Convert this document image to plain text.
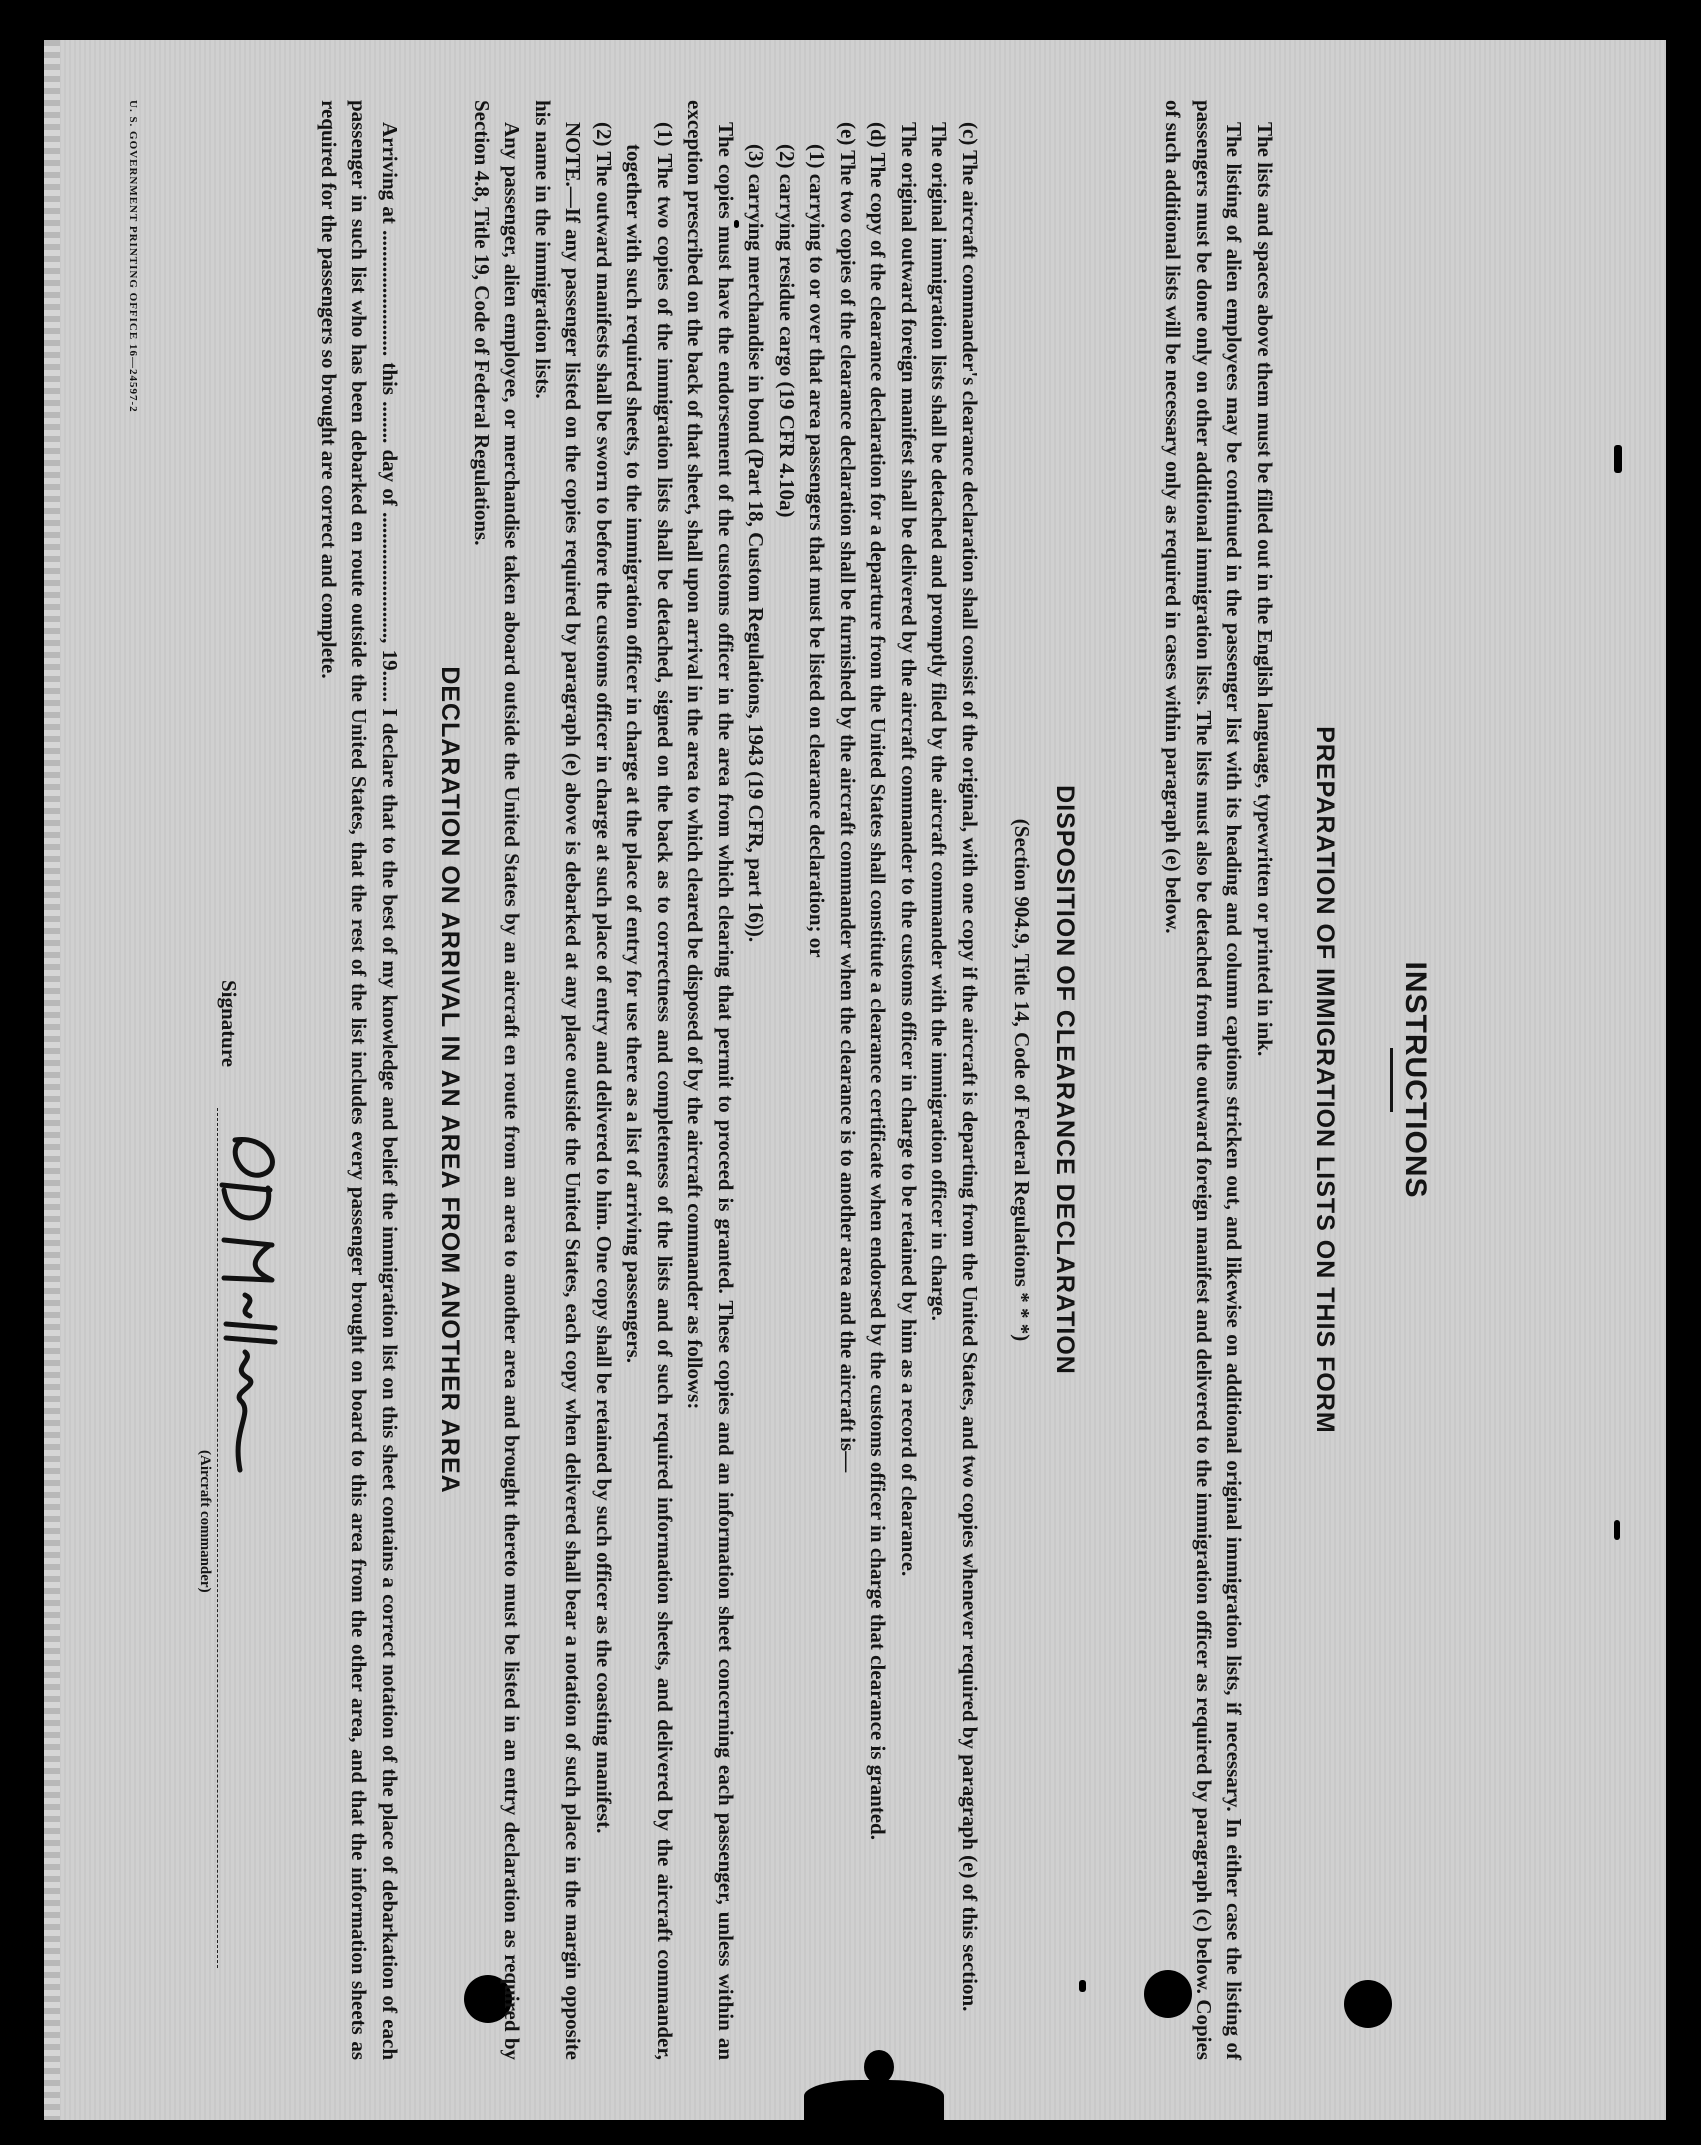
INSTRUCTIONS
PREPARATION OF IMMIGRATION LISTS ON THIS FORM

The lists and spaces above them must be filled out in the English language, typewritten or printed in ink.

The listing of alien employees may be continued in the passenger list with its heading and column captions stricken out, and likewise on additional original immigration lists, if necessary. In either case the listing of passengers must be done only on other additional immigration lists. The lists must also be detached from the outward foreign manifest and delivered to the immigration officer as required by paragraph (c) below. Copies of such additional lists will be necessary only as required in cases within paragraph (e) below.

DISPOSITION OF CLEARANCE DECLARATION

(Section 904.9, Title 14, Code of Federal Regulations * * *)

(c) The aircraft commander's clearance declaration shall consist of the original, with one copy if the aircraft is departing from the United States, and two copies whenever required by paragraph (e) of this section.

The original immigration lists shall be detached and promptly filed by the aircraft commander with the immigration officer in charge.

The original outward foreign manifest shall be delivered by the aircraft commander to the customs officer in charge to be retained by him as a record of clearance.

(d) The copy of the clearance declaration for a departure from the United States shall constitute a clearance certificate when endorsed by the customs officer in charge that clearance is granted.

(e) The two copies of the clearance declaration shall be furnished by the aircraft commander when the clearance is to another area and the aircraft is—

(1) carrying to or over that area passengers that must be listed on clearance declaration; or

(2) carrying residue cargo (19 CFR 4.10a)

(3) carrying merchandise in bond (Part 18, Custom Regulations, 1943 (19 CFR, part 16)).

The copies must have the endorsement of the customs officer in the area from which clearing that permit to proceed is granted. These copies and an information sheet concerning each passenger, unless within an exception prescribed on the back of that sheet, shall upon arrival in the area to which cleared be disposed of by the aircraft commander as follows:

(1) The two copies of the immigration lists shall be detached, signed on the back as to correctness and completeness of the lists and of such required information sheets, and delivered by the aircraft commander, together with such required sheets, to the immigration officer in charge at the place of entry for use there as a list of arriving passengers.

(2) The outward manifests shall be sworn to before the customs officer in charge at such place of entry and delivered to him. One copy shall be retained by such officer as the coasting manifest.

NOTE.—If any passenger listed on the copies required by paragraph (e) above is debarked at any place outside the United States, each copy when delivered shall bear a notation of such place in the margin opposite his name in the immigration lists.

Any passenger, alien employee, or merchandise taken aboard outside the United States by an aircraft en route from an area to another area and brought thereto must be listed in an entry declaration as required by Section 4.8, Title 19, Code of Federal Regulations.

DECLARATION ON ARRIVAL IN AN AREA FROM ANOTHER AREA

Arriving at ........................ this ........ day of ........................, 19...... I declare that to the best of my knowledge and belief the immigration list on this sheet contains a correct notation of the place of debarkation of each passenger in such list who has been debarked en route outside the United States, that the rest of the list includes every passenger brought on board to this area from the other area, and that the information sheets as required for the passengers so brought are correct and complete.

Signature
(Aircraft commander)
U. S. GOVERNMENT PRINTING OFFICE 16—24597-2
